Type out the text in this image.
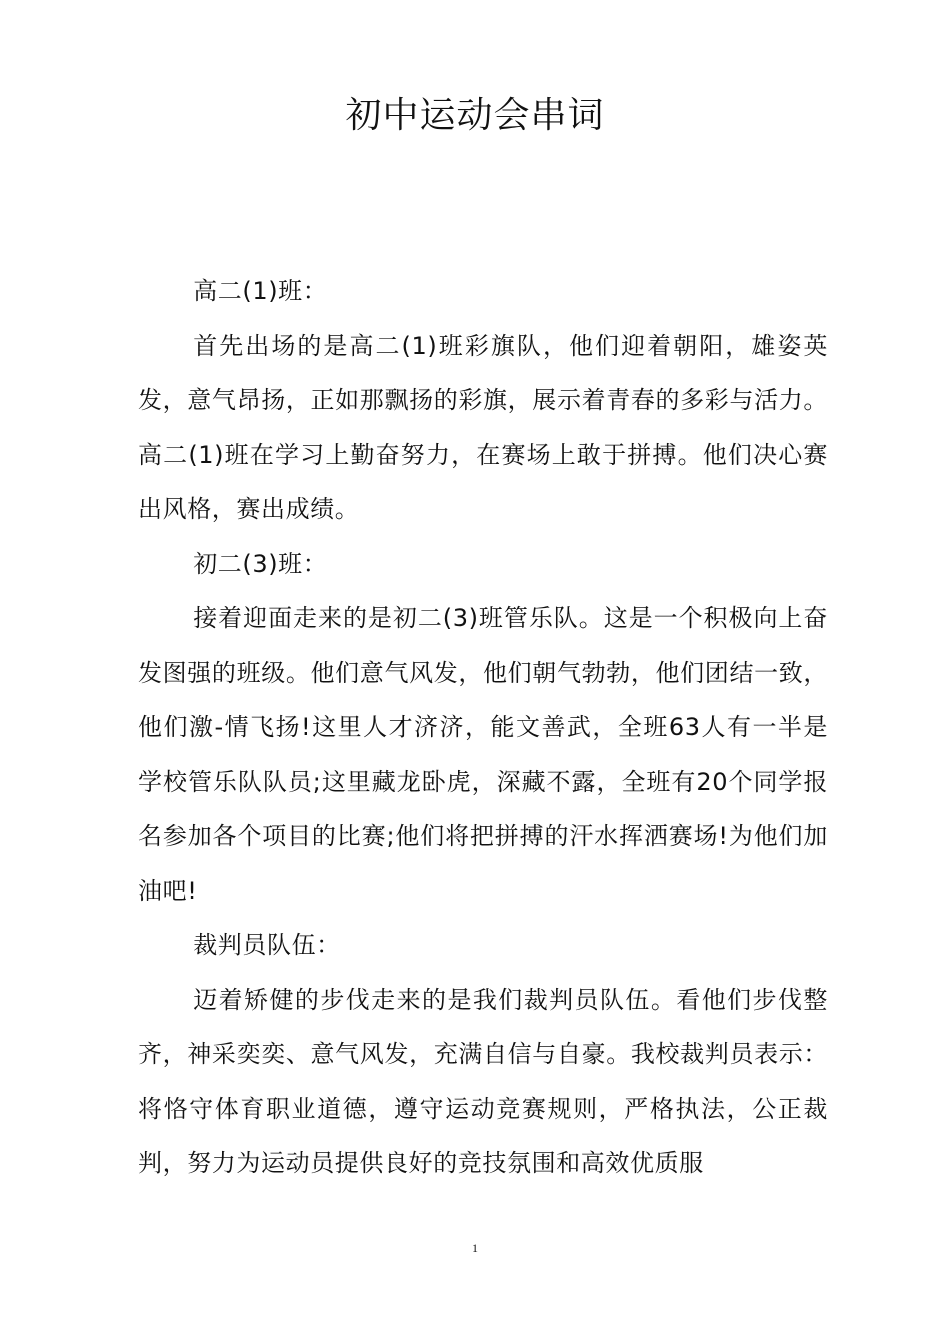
初中运动会串词

高二(1)班：

首先出场的是高二(1)班彩旗队，他们迎着朝阳，雄姿英发，意气昂扬，正如那飘扬的彩旗，展示着青春的多彩与活力。高二(1)班在学习上勤奋努力，在赛场上敢于拼搏。他们决心赛出风格，赛出成绩。

初二(3)班：

接着迎面走来的是初二(3)班管乐队。这是一个积极向上奋发图强的班级。他们意气风发，他们朝气勃勃，他们团结一致，他们激-情飞扬!这里人才济济，能文善武，全班63人有一半是学校管乐队队员;这里藏龙卧虎，深藏不露，全班有20个同学报名参加各个项目的比赛;他们将把拼搏的汗水挥洒赛场!为他们加油吧!

裁判员队伍：

迈着矫健的步伐走来的是我们裁判员队伍。看他们步伐整齐，神采奕奕、意气风发，充满自信与自豪。我校裁判员表示：将恪守体育职业道德，遵守运动竞赛规则，严格执法，公正裁判，努力为运动员提供良好的竞技氛围和高效优质服

1
